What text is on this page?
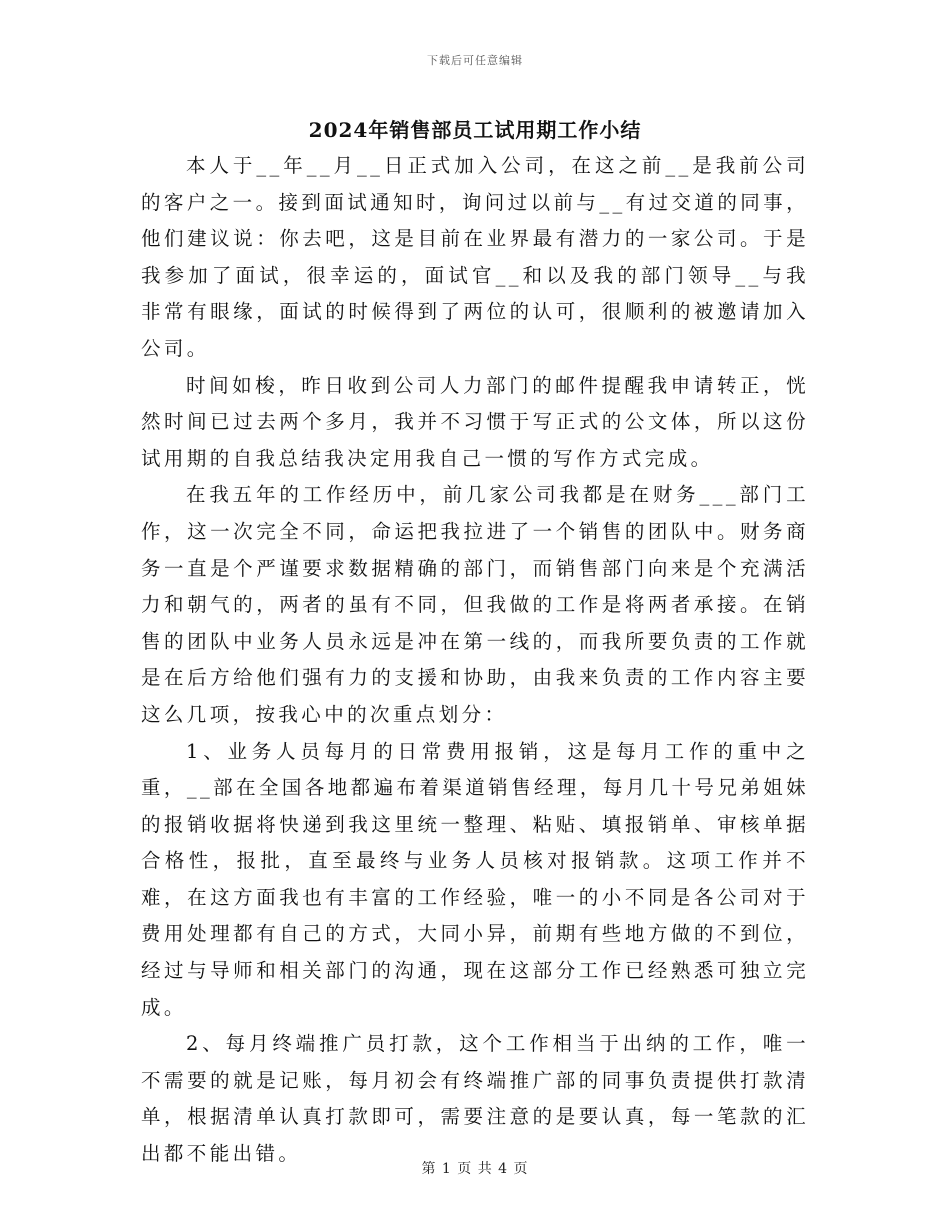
下载后可任意编辑
2024年销售部员工试用期工作小结

本人于__年__月__日正式加入公司，在这之前__是我前公司的客户之一。接到面试通知时，询问过以前与__有过交道的同事，他们建议说：你去吧，这是目前在业界最有潜力的一家公司。于是我参加了面试，很幸运的，面试官__和以及我的部门领导__与我非常有眼缘，面试的时候得到了两位的认可，很顺利的被邀请加入公司。

时间如梭，昨日收到公司人力部门的邮件提醒我申请转正，恍然时间已过去两个多月，我并不习惯于写正式的公文体，所以这份试用期的自我总结我决定用我自己一惯的写作方式完成。

在我五年的工作经历中，前几家公司我都是在财务___部门工作，这一次完全不同，命运把我拉进了一个销售的团队中。财务商务一直是个严谨要求数据精确的部门，而销售部门向来是个充满活力和朝气的，两者的虽有不同，但我做的工作是将两者承接。在销售的团队中业务人员永远是冲在第一线的，而我所要负责的工作就是在后方给他们强有力的支援和协助，由我来负责的工作内容主要这么几项，按我心中的次重点划分：

1、业务人员每月的日常费用报销，这是每月工作的重中之重，__部在全国各地都遍布着渠道销售经理，每月几十号兄弟姐妹的报销收据将快递到我这里统一整理、粘贴、填报销单、审核单据合格性，报批，直至最终与业务人员核对报销款。这项工作并不难，在这方面我也有丰富的工作经验，唯一的小不同是各公司对于费用处理都有自己的方式，大同小异，前期有些地方做的不到位，经过与导师和相关部门的沟通，现在这部分工作已经熟悉可独立完成。

2、每月终端推广员打款，这个工作相当于出纳的工作，唯一不需要的就是记账，每月初会有终端推广部的同事负责提供打款清单，根据清单认真打款即可，需要注意的是要认真，每一笔款的汇出都不能出错。

第 1 页 共 4 页
